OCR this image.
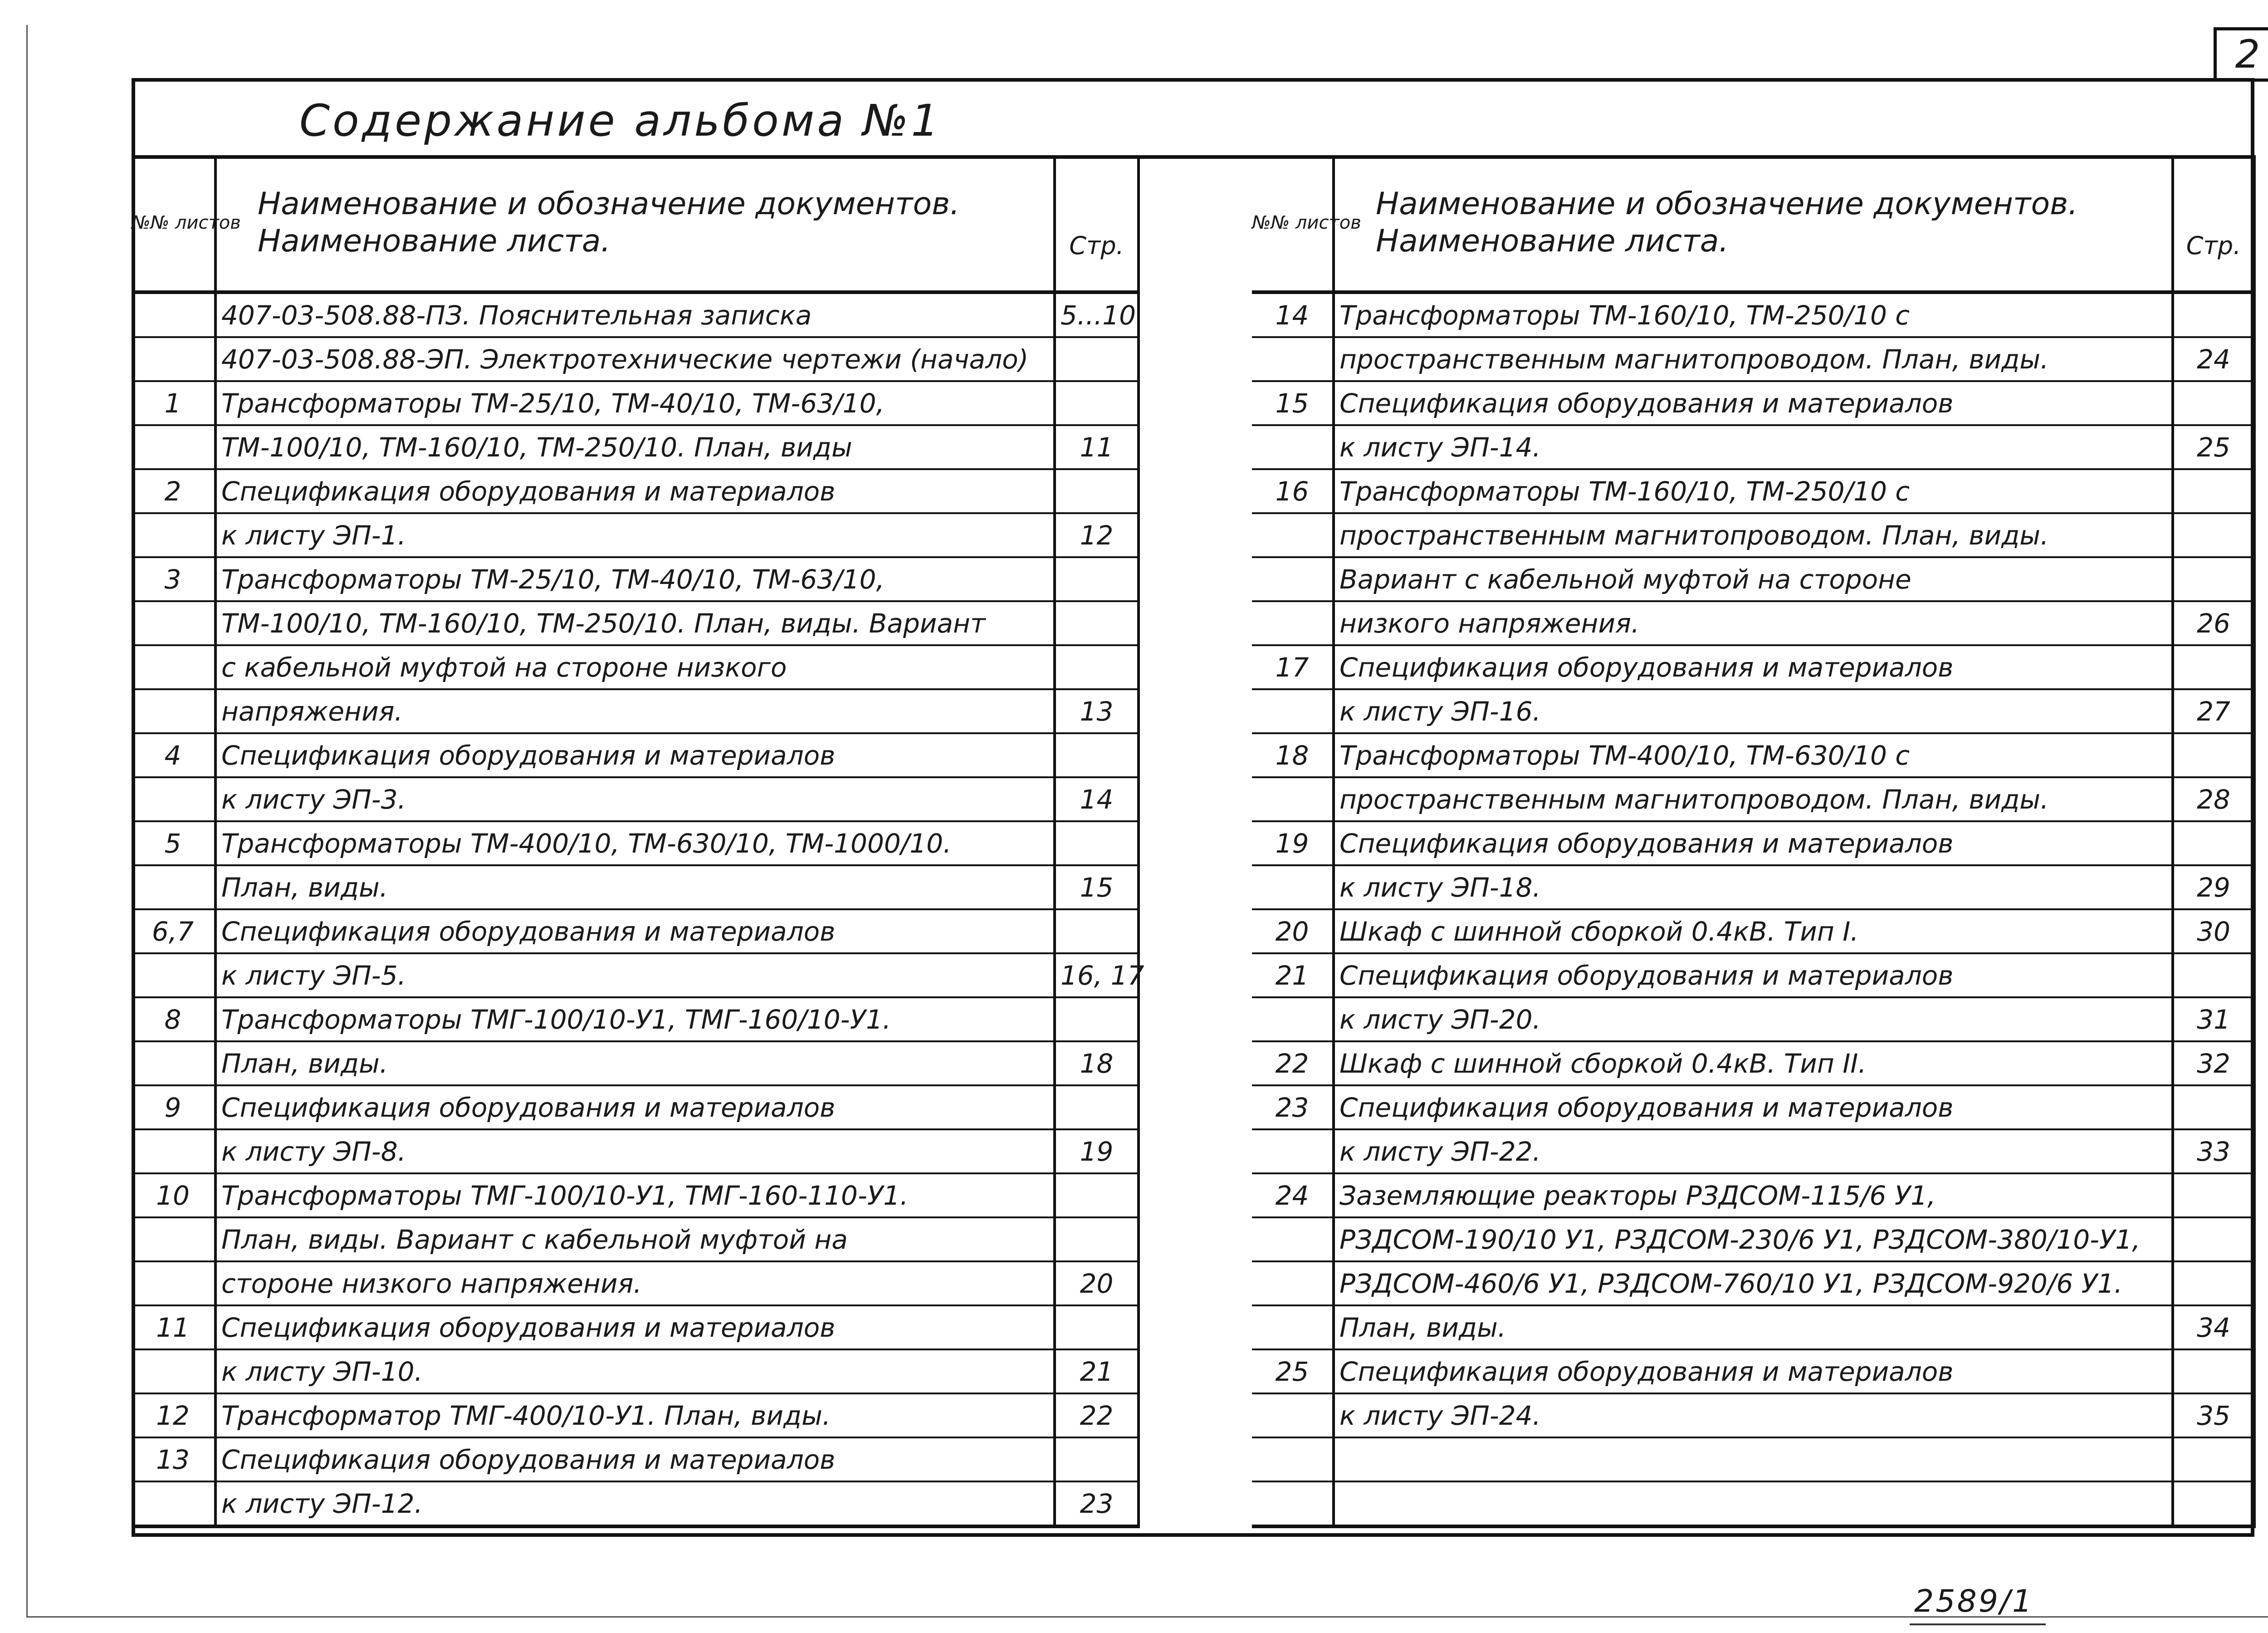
2
Содержание альбома №1
№№ листов	Наименование и обозначение документов.
Наименование листа.	Стр.
	407-03-508.88-ПЗ. Пояснительная записка	5...10
	407-03-508.88-ЭП. Электротехнические чертежи (начало)	
1	Трансформаторы ТМ-25/10, ТМ-40/10, ТМ-63/10,	
	ТМ-100/10, ТМ-160/10, ТМ-250/10. План, виды	11
2	Спецификация оборудования и материалов	
	к листу ЭП-1.	12
3	Трансформаторы ТМ-25/10, ТМ-40/10, ТМ-63/10,	
	ТМ-100/10, ТМ-160/10, ТМ-250/10. План, виды. Вариант	
	с кабельной муфтой на стороне низкого	
	напряжения.	13
4	Спецификация оборудования и материалов	
	к листу ЭП-3.	14
5	Трансформаторы ТМ-400/10, ТМ-630/10, ТМ-1000/10.	
	План, виды.	15
6,7	Спецификация оборудования и материалов	
	к листу ЭП-5.	16, 17
8	Трансформаторы ТМГ-100/10-У1, ТМГ-160/10-У1.	
	План, виды.	18
9	Спецификация оборудования и материалов	
	к листу ЭП-8.	19
10	Трансформаторы ТМГ-100/10-У1, ТМГ-160-110-У1.	
	План, виды. Вариант с кабельной муфтой на	
	стороне низкого напряжения.	20
11	Спецификация оборудования и материалов	
	к листу ЭП-10.	21
12	Трансформатор ТМГ-400/10-У1. План, виды.	22
13	Спецификация оборудования и материалов	
	к листу ЭП-12.	23
№№ листов	Наименование и обозначение документов.
Наименование листа.	Стр.
14	Трансформаторы ТМ-160/10, ТМ-250/10 с	
	пространственным магнитопроводом. План, виды.	24
15	Спецификация оборудования и материалов	
	к листу ЭП-14.	25
16	Трансформаторы ТМ-160/10, ТМ-250/10 с	
	пространственным магнитопроводом. План, виды.	
	Вариант с кабельной муфтой на стороне	
	низкого напряжения.	26
17	Спецификация оборудования и материалов	
	к листу ЭП-16.	27
18	Трансформаторы ТМ-400/10, ТМ-630/10 с	
	пространственным магнитопроводом. План, виды.	28
19	Спецификация оборудования и материалов	
	к листу ЭП-18.	29
20	Шкаф с шинной сборкой 0.4кВ. Тип I.	30
21	Спецификация оборудования и материалов	
	к листу ЭП-20.	31
22	Шкаф с шинной сборкой 0.4кВ. Тип II.	32
23	Спецификация оборудования и материалов	
	к листу ЭП-22.	33
24	Заземляющие реакторы РЗДСОМ-115/6 У1,	
	РЗДСОМ-190/10 У1, РЗДСОМ-230/6 У1, РЗДСОМ-380/10-У1,	
	РЗДСОМ-460/6 У1, РЗДСОМ-760/10 У1, РЗДСОМ-920/6 У1.	
	План, виды.	34
25	Спецификация оборудования и материалов	
	к листу ЭП-24.	35

2589/1
